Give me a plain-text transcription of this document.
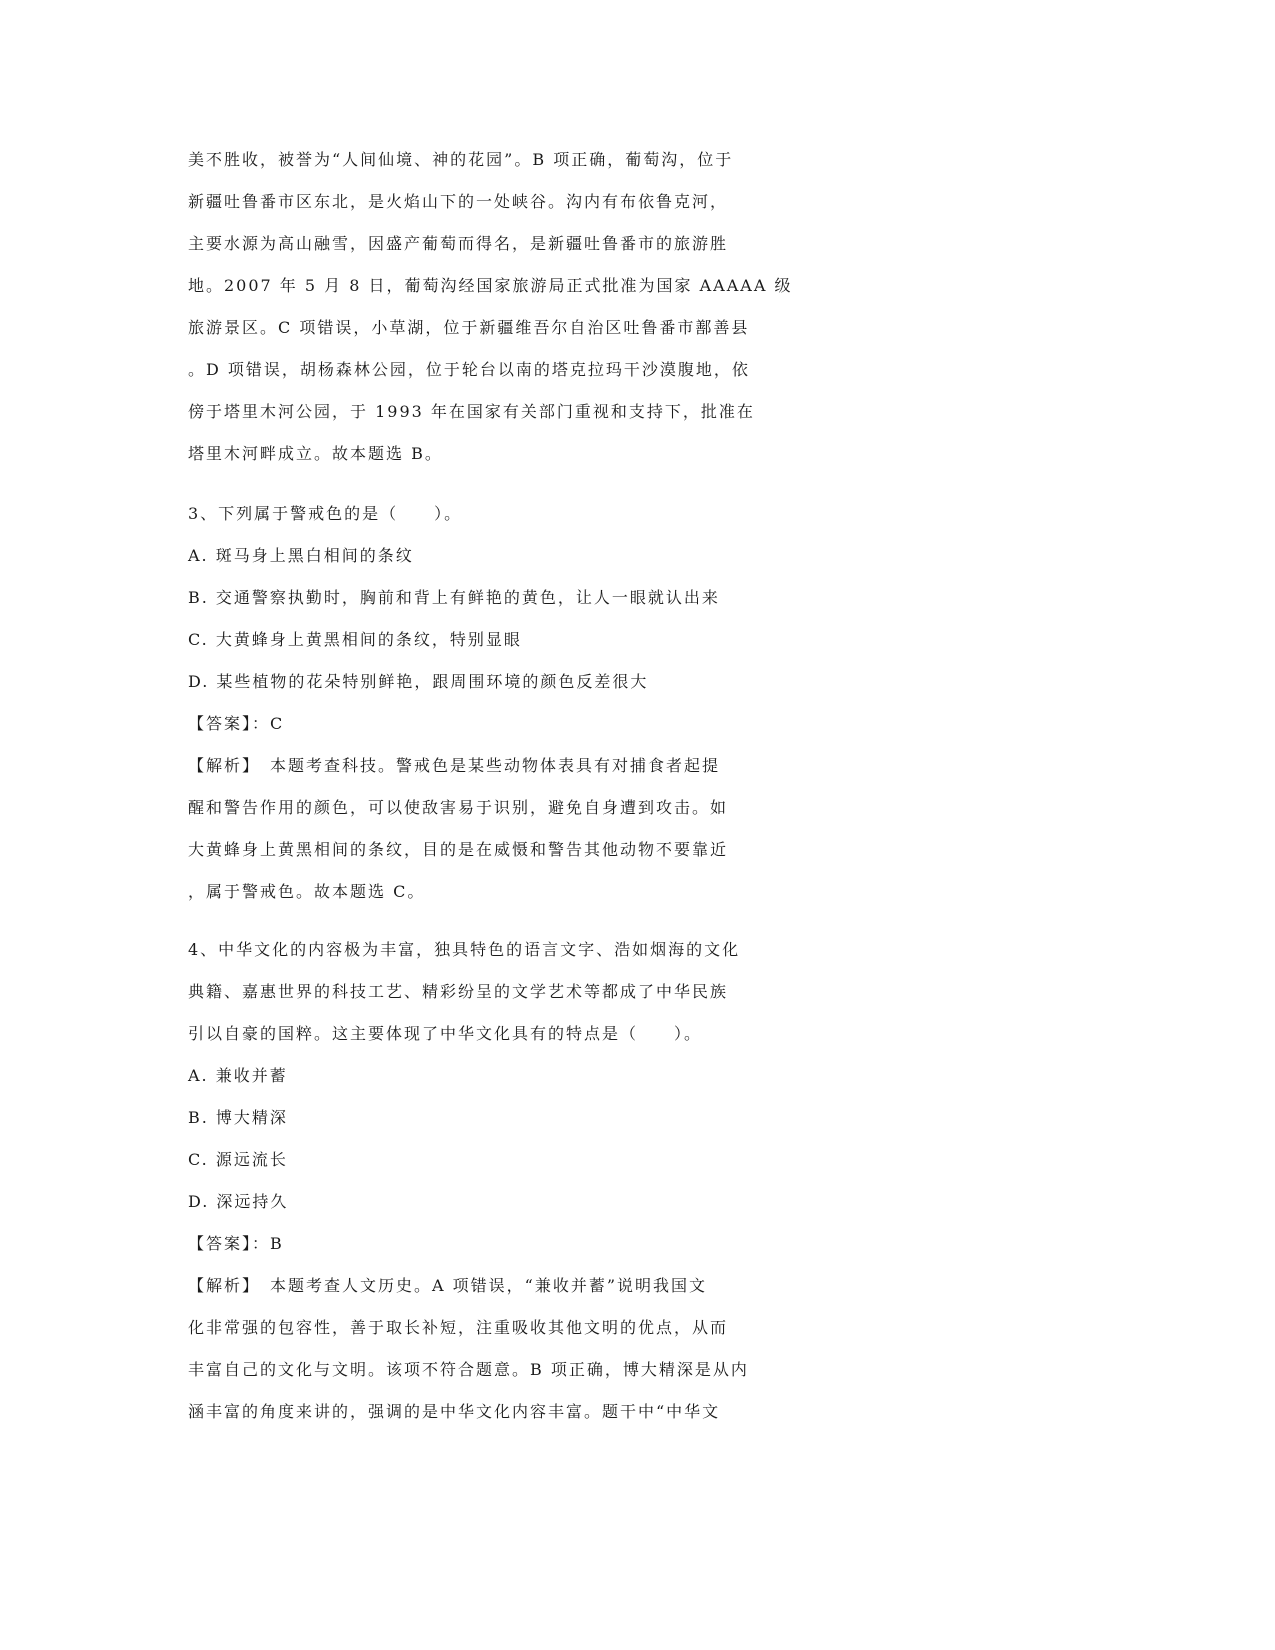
美不胜收，被誉为“人间仙境、神的花园”。B 项正确，葡萄沟，位于
新疆吐鲁番市区东北，是火焰山下的一处峡谷。沟内有布依鲁克河，
主要水源为高山融雪，因盛产葡萄而得名，是新疆吐鲁番市的旅游胜
地。2007 年 5 月 8 日，葡萄沟经国家旅游局正式批准为国家 AAAAA 级
旅游景区。C 项错误，小草湖，位于新疆维吾尔自治区吐鲁番市鄯善县
。D 项错误，胡杨森林公园，位于轮台以南的塔克拉玛干沙漠腹地，依
傍于塔里木河公园，于 1993 年在国家有关部门重视和支持下，批准在
塔里木河畔成立。故本题选 B。
3、下列属于警戒色的是（　　）。
A. 斑马身上黑白相间的条纹
B. 交通警察执勤时，胸前和背上有鲜艳的黄色，让人一眼就认出来
C. 大黄蜂身上黄黑相间的条纹，特别显眼
D. 某些植物的花朵特别鲜艳，跟周围环境的颜色反差很大
【答案】：C
【解析】　本题考查科技。警戒色是某些动物体表具有对捕食者起提
醒和警告作用的颜色，可以使敌害易于识别，避免自身遭到攻击。如
大黄蜂身上黄黑相间的条纹，目的是在威慑和警告其他动物不要靠近
，属于警戒色。故本题选 C。
4、中华文化的内容极为丰富，独具特色的语言文字、浩如烟海的文化
典籍、嘉惠世界的科技工艺、精彩纷呈的文学艺术等都成了中华民族
引以自豪的国粹。这主要体现了中华文化具有的特点是（　　）。
A. 兼收并蓄
B. 博大精深
C. 源远流长
D. 深远持久
【答案】：B
【解析】　本题考查人文历史。A 项错误，“兼收并蓄”说明我国文
化非常强的包容性，善于取长补短，注重吸收其他文明的优点，从而
丰富自己的文化与文明。该项不符合题意。B 项正确，博大精深是从内
涵丰富的角度来讲的，强调的是中华文化内容丰富。题干中“中华文
